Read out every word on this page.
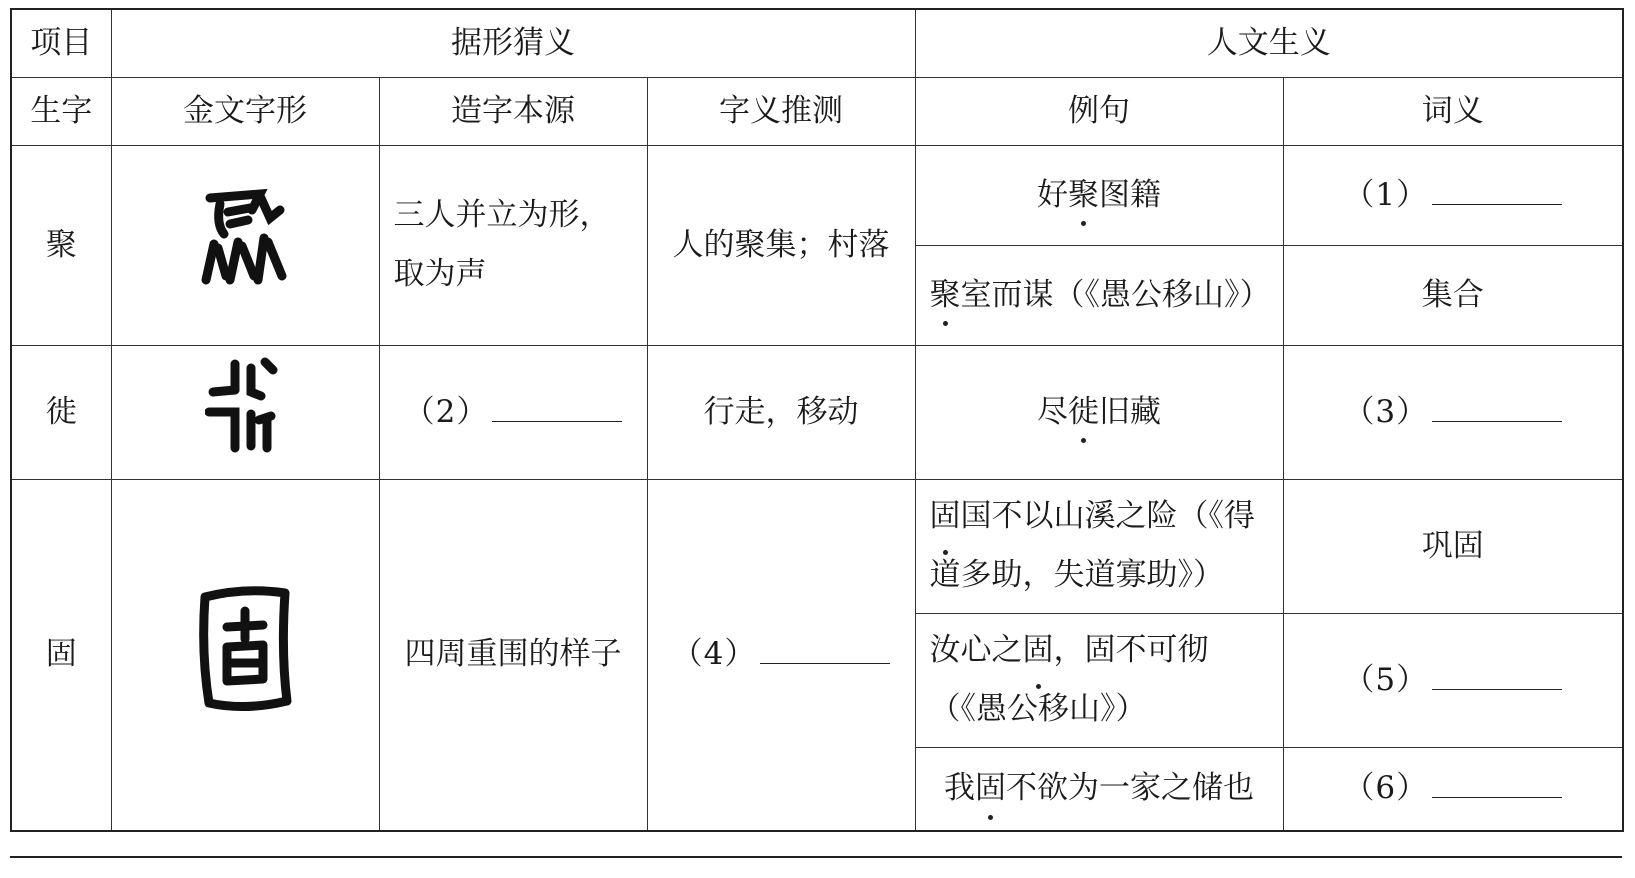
项目	据形猜义			人文生义	
生字	金文字形	造字本源	字义推测	例句	词义
聚		三人并立为形，取为声	人的聚集；村落	好聚图籍	（1）
				聚室而谋（《愚公移山》）	集合
徙		（2）	行走，移动	尽徙旧藏	（3）
固		四周重围的样子	（4）	固国不以山溪之险（《得道多助，失道寡助》）	巩固
				汝心之固，固不可彻（《愚公移山》）	（5）
				我固不欲为一家之储也	（6）
